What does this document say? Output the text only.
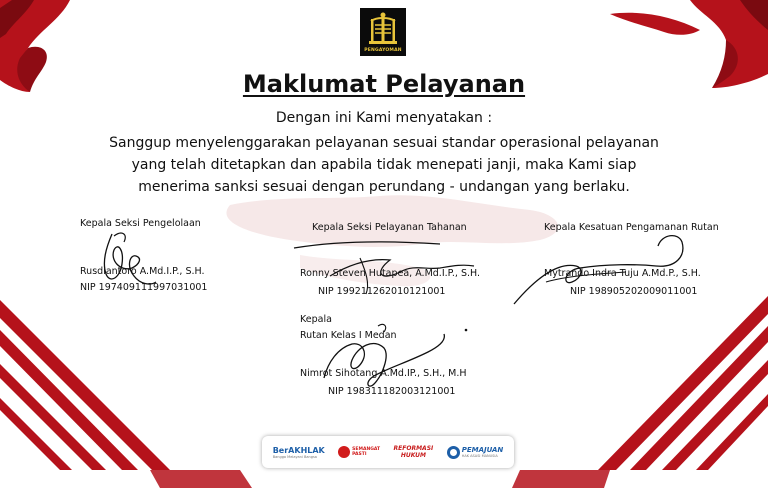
PENGAYOMAN
Maklumat Pelayanan
Dengan ini Kami menyatakan :
Sanggup menyelenggarakan pelayanan sesuai standar operasional pelayanan
yang telah ditetapkan dan apabila tidak menepati janji, maka Kami siap
menerima sanksi sesuai dengan perundang - undangan yang berlaku.
Kepala Seksi Pengelolaan
Rusdiantoro A.Md.I.P., S.H.
NIP 197409111997031001
Kepala Seksi Pelayanan Tahanan
Ronny Steven Hutapea, A.Md.I.P., S.H.
NIP 199211262010121001
Kepala Kesatuan Pengamanan Rutan
Mytrando Indra Tuju A.Md.P., S.H.
NIP 198905202009011001
Kepala
Rutan Kelas I Medan
Nimrot Sihotang A.Md.IP., S.H., M.H
NIP 198311182003121001
BerAKHLAK
Bangga Melayani Bangsa
SEMANGAT
PASTI
REFORMASI
HUKUM
PEMAJUAN
HAK ASASI MANUSIA
